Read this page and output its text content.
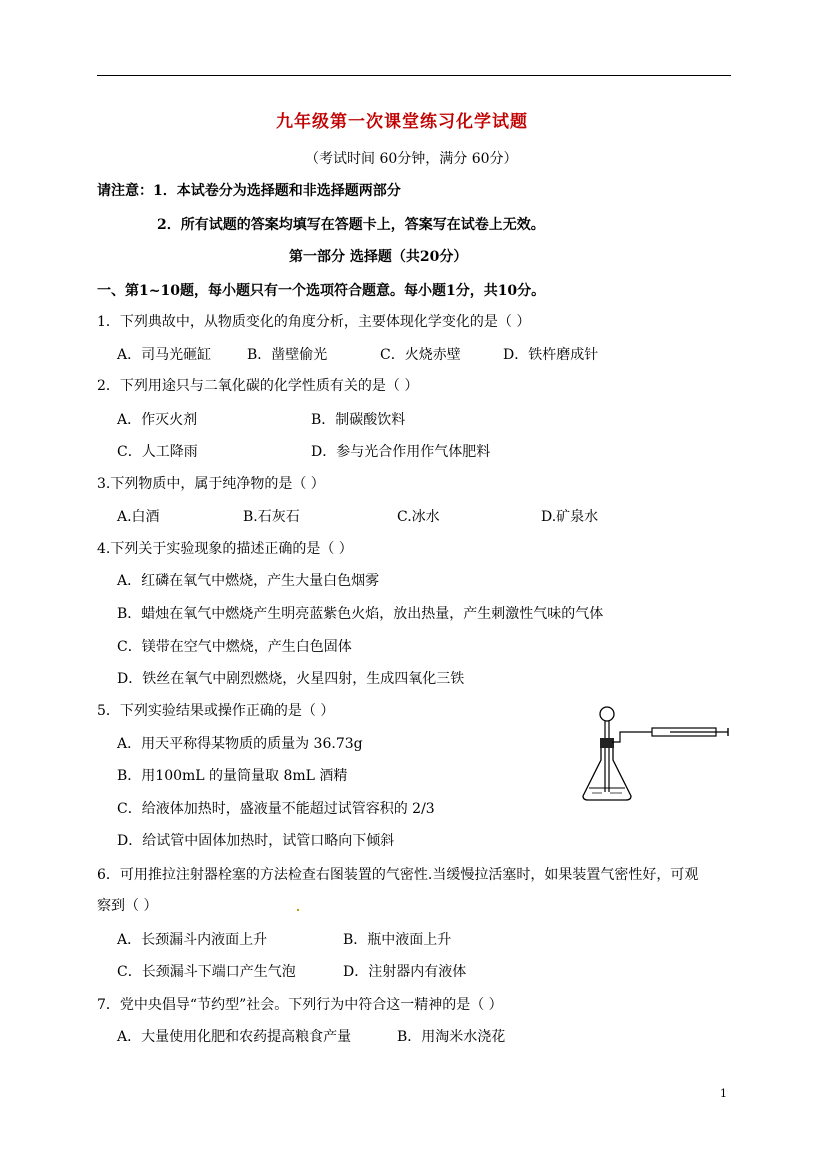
九年级第一次课堂练习化学试题
（考试时间 60分钟，满分 60分）
请注意：1．本试卷分为选择题和非选择题两部分
2．所有试题的答案均填写在答题卡上，答案写在试卷上无效。
第一部分 选择题（共20分）
一、第1~10题，每小题只有一个选项符合题意。每小题1分，共10分。
1．下列典故中，从物质变化的角度分析，主要体现化学变化的是（ ）
A．司马光砸缸	B．凿壁偷光	C．火烧赤壁	D．铁杵磨成针
2．下列用途只与二氧化碳的化学性质有关的是（ ）
A．作灭火剂	B．制碳酸饮料
C．人工降雨	D．参与光合作用作气体肥料
3.下列物质中，属于纯净物的是（ ）
A.白酒	B.石灰石	C.冰水	D.矿泉水
4.下列关于实验现象的描述正确的是（ ）
A．红磷在氧气中燃烧，产生大量白色烟雾
B．蜡烛在氧气中燃烧产生明亮蓝紫色火焰，放出热量，产生刺激性气味的气体
C．镁带在空气中燃烧，产生白色固体
D．铁丝在氧气中剧烈燃烧，火星四射，生成四氧化三铁
5．下列实验结果或操作正确的是（ ）
A．用天平称得某物质的质量为 36.73g
B．用100mL 的量筒量取 8mL 酒精
C．给液体加热时，盛液量不能超过试管容积的 2/3
D．给试管中固体加热时，试管口略向下倾斜
6．可用推拉注射器栓塞的方法检查右图装置的气密性.当缓慢拉活塞时，如果装置气密性好，可观
察到（ ）
A．长颈漏斗内液面上升	B．瓶中液面上升
C．长颈漏斗下端口产生气泡	D．注射器内有液体
7．党中央倡导“节约型”社会。下列行为中符合这一精神的是（ ）
A．大量使用化肥和农药提高粮食产量	B．用淘米水浇花
1
